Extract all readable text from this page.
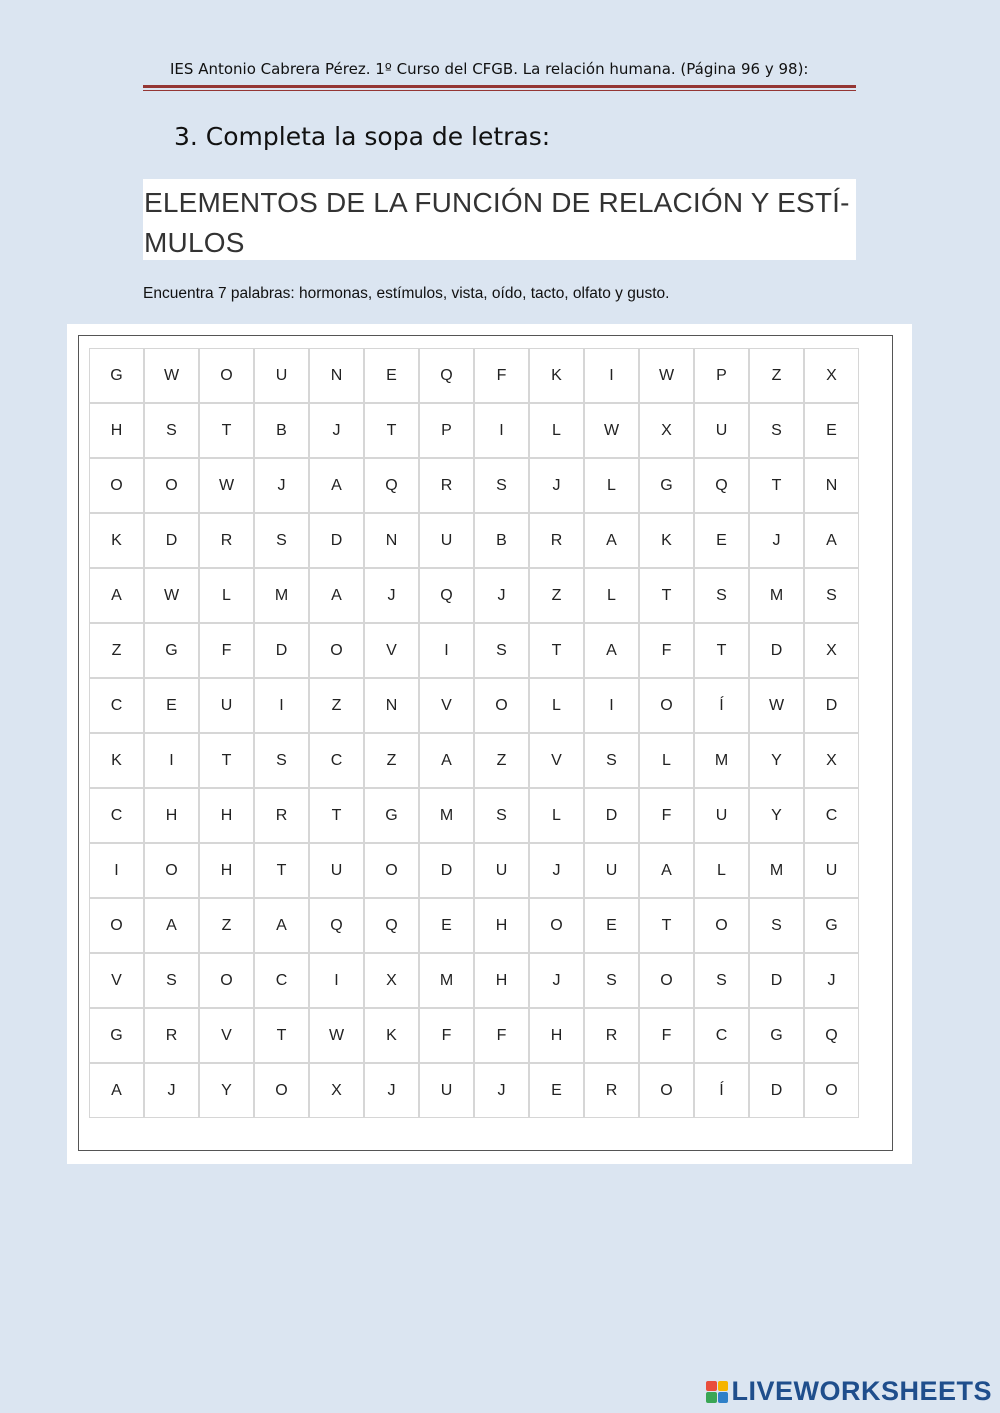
IES Antonio Cabrera Pérez. 1º Curso del CFGB. La relación humana. (Página 96 y 98):
3. Completa la sopa de letras:
ELEMENTOS DE LA FUNCIÓN DE RELACIÓN Y ESTÍ-
MULOS
Encuentra 7 palabras: hormonas, estímulos, vista, oído, tacto, olfato y gusto.
G	W	O	U	N	E	Q	F	K	I	W	P	Z	X
H	S	T	B	J	T	P	I	L	W	X	U	S	E
O	O	W	J	A	Q	R	S	J	L	G	Q	T	N
K	D	R	S	D	N	U	B	R	A	K	E	J	A
A	W	L	M	A	J	Q	J	Z	L	T	S	M	S
Z	G	F	D	O	V	I	S	T	A	F	T	D	X
C	E	U	I	Z	N	V	O	L	I	O	Í	W	D
K	I	T	S	C	Z	A	Z	V	S	L	M	Y	X
C	H	H	R	T	G	M	S	L	D	F	U	Y	C
I	O	H	T	U	O	D	U	J	U	A	L	M	U
O	A	Z	A	Q	Q	E	H	O	E	T	O	S	G
V	S	O	C	I	X	M	H	J	S	O	S	D	J
G	R	V	T	W	K	F	F	H	R	F	C	G	Q
A	J	Y	O	X	J	U	J	E	R	O	Í	D	O
LIVEWORKSHEETS
